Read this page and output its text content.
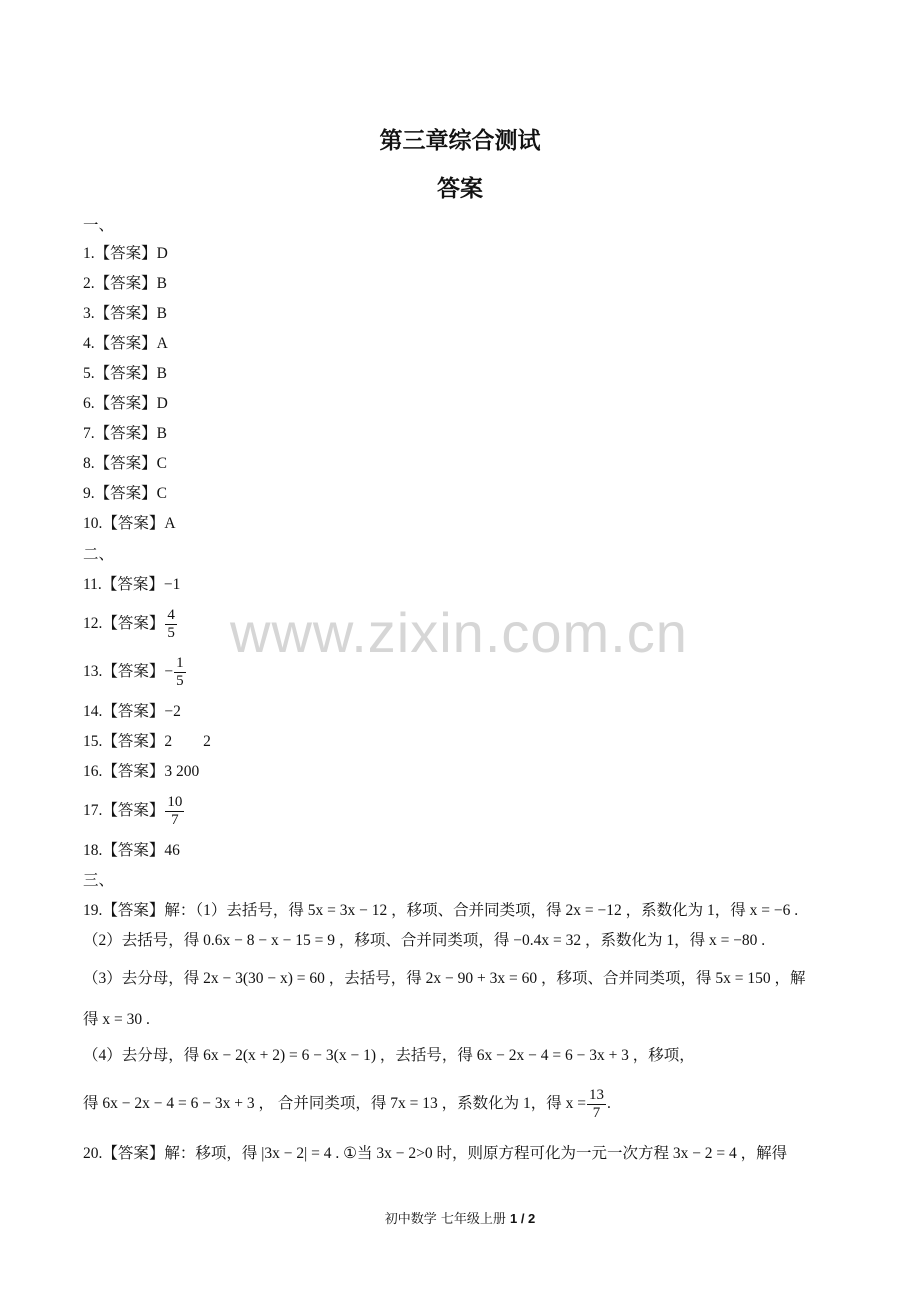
第三章综合测试
答案
一、
1.【答案】D
2.【答案】B
3.【答案】B
4.【答案】A
5.【答案】B
6.【答案】D
7.【答案】B
8.【答案】C
9.【答案】C
10.【答案】A
二、
11.【答案】−1
12.【答案】 $\frac{4}{5}$
13.【答案】− $\frac{1}{5}$
14.【答案】−2
15.【答案】2　　2
16.【答案】3 200
17.【答案】 $\frac{10}{7}$
18.【答案】46
三、
19.【答案】解：（1）去括号，得 5x = 3x − 12 ，移项、合并同类项，得 2x = −12 ，系数化为 1，得 x = −6 .
（2）去括号，得 0.6x − 8 − x − 15 = 9 ，移项、合并同类项，得 −0.4x = 32 ，系数化为 1，得 x = −80 .
（3）去分母，得 2x − 3(30 − x) = 60 ，去括号，得 2x − 90 + 3x = 60 ，移项、合并同类项，得 5x = 150 ，解
得 x = 30 .
（4）去分母，得 6x − 2(x + 2) = 6 − 3(x − 1) ，去括号，得 6x − 2x − 4 = 6 − 3x + 3 ，移项，
得 6x − 2x − 4 = 6 − 3x + 3 ， 合并同类项，得 7x = 13 ，系数化为 1，得 $x = \frac{13}{7}$ .
20.【答案】解：移项，得 |3x − 2| = 4 . ①当 3x − 2>0 时，则原方程可化为一元一次方程 3x − 2 = 4 ，解得
www.zixin.com.cn
初中数学 七年级上册 1 / 2
